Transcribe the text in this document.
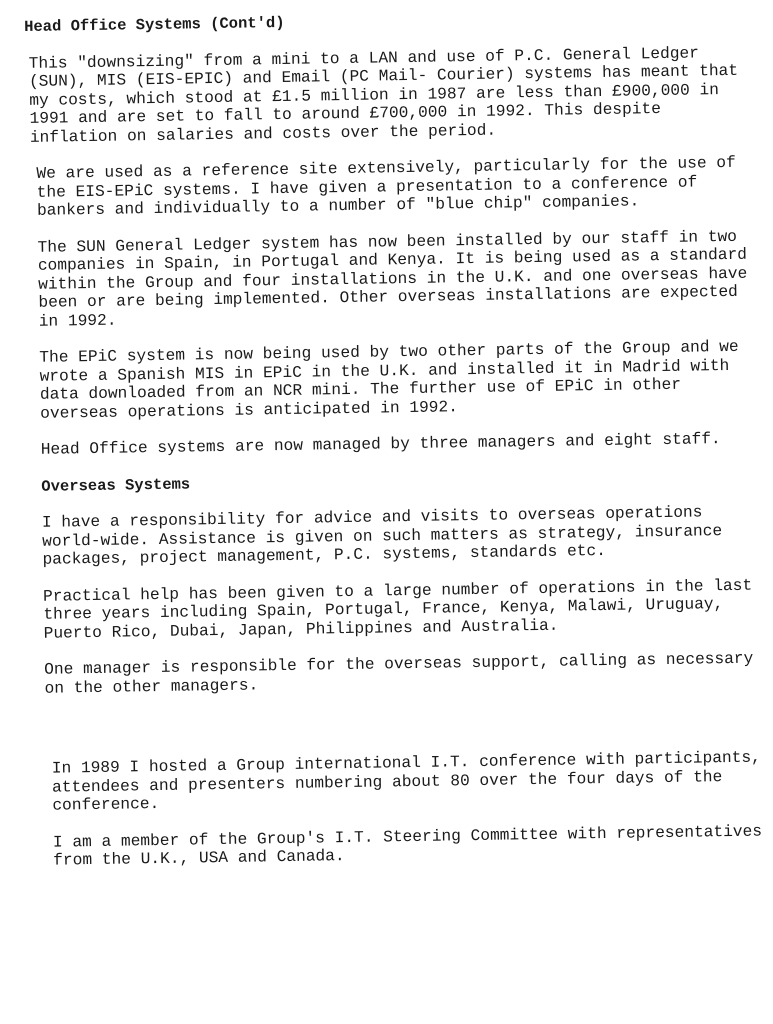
Head Office Systems (Cont'd)

This "downsizing" from a mini to a LAN and use of P.C. General Ledger (SUN), MIS (EIS-EPIC) and Email (PC Mail- Courier) systems has meant that my costs, which stood at £1.5 million in 1987 are less than £900,000 in 1991 and are set to fall to around £700,000 in 1992. This despite inflation on salaries and costs over the period.

We are used as a reference site extensively, particularly for the use of the EIS-EPiC systems. I have given a presentation to a conference of bankers and individually to a number of "blue chip" companies.

The SUN General Ledger system has now been installed by our staff in two companies in Spain, in Portugal and Kenya. It is being used as a standard within the Group and four installations in the U.K. and one overseas have been or are being implemented. Other overseas installations are expected in 1992.

The EPiC system is now being used by two other parts of the Group and we wrote a Spanish MIS in EPiC in the U.K. and installed it in Madrid with data downloaded from an NCR mini. The further use of EPiC in other overseas operations is anticipated in 1992.

Head Office systems are now managed by three managers and eight staff.

Overseas Systems

I have a responsibility for advice and visits to overseas operations world-wide. Assistance is given on such matters as strategy, insurance packages, project management, P.C. systems, standards etc.

Practical help has been given to a large number of operations in the last three years including Spain, Portugal, France, Kenya, Malawi, Uruguay, Puerto Rico, Dubai, Japan, Philippines and Australia.

One manager is responsible for the overseas support, calling as necessary on the other managers.

In 1989 I hosted a Group international I.T. conference with participants, attendees and presenters numbering about 80 over the four days of the conference.

I am a member of the Group's I.T. Steering Committee with representatives from the U.K., USA and Canada.
